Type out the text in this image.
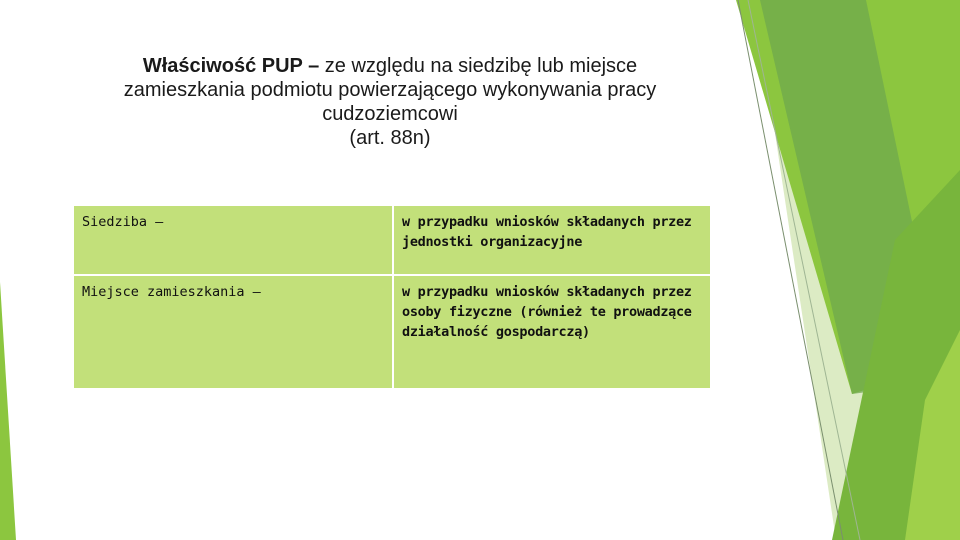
Właściwość PUP – ze względu na siedzibę lub miejsce
zamieszkania podmiotu powierzającego wykonywania pracy
cudzoziemcowi
(art. 88n)
Siedziba –	w przypadku wniosków składanych przez jednostki organizacyjne
Miejsce zamieszkania –	w przypadku wniosków składanych przez osoby fizyczne (również te prowadzące działalność gospodarczą)
